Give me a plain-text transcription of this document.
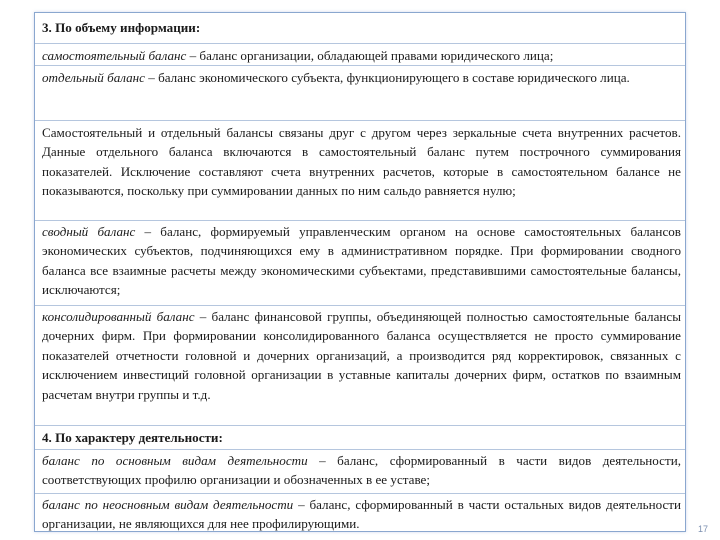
3. По объему информации:
самостоятельный баланс – баланс организации, обладающей правами юридического лица;
отдельный баланс – баланс экономического субъекта, функционирующего в составе юридического лица.
Самостоятельный и отдельный балансы связаны друг с другом через зеркальные счета внутренних расчетов. Данные отдельного баланса включаются в самостоятельный баланс путем построчного суммирования показателей. Исключение составляют счета внутренних расчетов, которые в самостоятельном балансе не показываются, поскольку при суммировании данных по ним сальдо равняется нулю;
сводный баланс – баланс, формируемый управленческим органом на основе самостоятельных балансов экономических субъектов, подчиняющихся ему в административном порядке. При формировании сводного баланса все взаимные расчеты между экономическими субъектами, представившими самостоятельные балансы, исключаются;
консолидированный баланс – баланс финансовой группы, объединяющей полностью самостоятельные балансы дочерних фирм. При формировании консолидированного баланса осуществляется не просто суммирование показателей отчетности головной и дочерних организаций, а производится ряд корректировок, связанных с исключением инвестиций головной организации в уставные капиталы дочерних фирм, остатков по взаимным расчетам внутри группы и т.д.
4. По характеру деятельности:
баланс по основным видам деятельности – баланс, сформированный в части видов деятельности, соответствующих профилю организации и обозначенных в ее уставе;
баланс по неосновным видам деятельности – баланс, сформированный в части остальных видов деятельности организации, не являющихся для нее профилирующими.	17
